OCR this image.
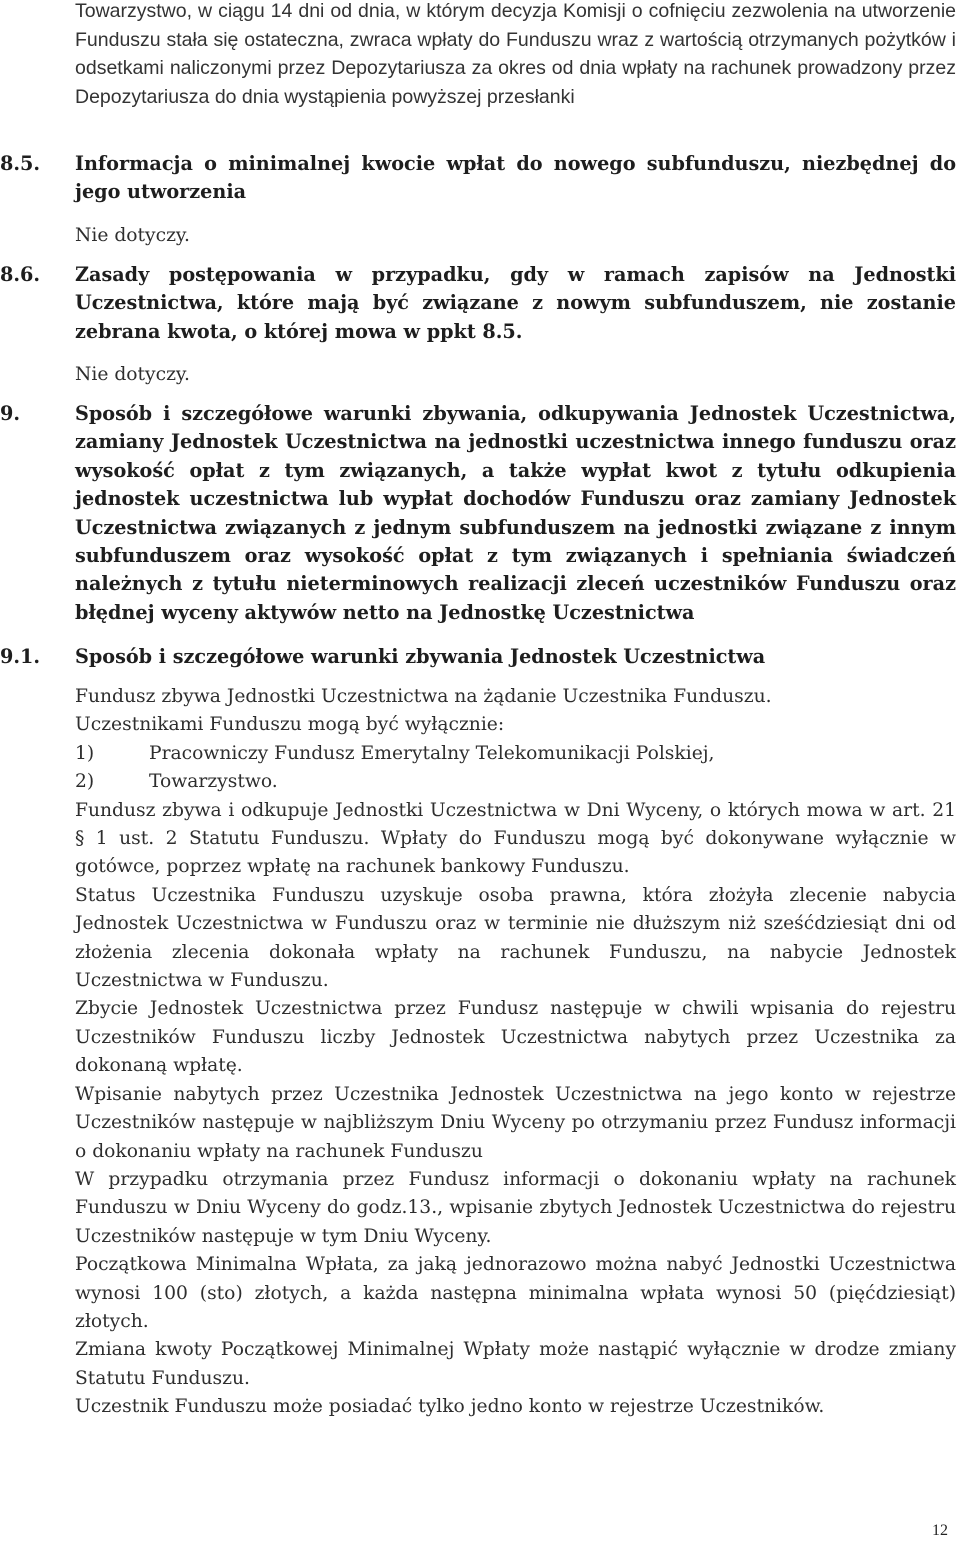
Towarzystwo, w ciągu 14 dni od dnia, w którym decyzja Komisji o cofnięciu zezwolenia na utworzenie Funduszu stała się ostateczna, zwraca wpłaty do Funduszu wraz z wartością otrzymanych pożytków i odsetkami naliczonymi przez Depozytariusza za okres od dnia wpłaty na rachunek prowadzony przez Depozytariusza do dnia wystąpienia powyższej przesłanki

8.5.	Informacja o minimalnej kwocie wpłat do nowego subfunduszu, niezbędnej do jego utworzenia

Nie dotyczy.

8.6.	Zasady postępowania w przypadku, gdy w ramach zapisów na Jednostki Uczestnictwa, które mają być związane z nowym subfunduszem, nie zostanie zebrana kwota, o której mowa w ppkt 8.5.

Nie dotyczy.

9.	Sposób i szczegółowe warunki zbywania, odkupywania Jednostek Uczestnictwa, zamiany Jednostek Uczestnictwa na jednostki uczestnictwa innego funduszu oraz wysokość opłat z tym związanych, a także wypłat kwot z tytułu odkupienia jednostek uczestnictwa lub wypłat dochodów Funduszu oraz zamiany Jednostek Uczestnictwa związanych z jednym subfunduszem na jednostki związane z innym subfunduszem oraz wysokość opłat z tym związanych i spełniania świadczeń należnych z tytułu nieterminowych realizacji zleceń uczestników Funduszu oraz błędnej wyceny aktywów netto na Jednostkę Uczestnictwa
9.1.	Sposób i szczegółowe warunki zbywania Jednostek Uczestnictwa

Fundusz zbywa Jednostki Uczestnictwa na żądanie Uczestnika Funduszu.

Uczestnikami Funduszu mogą być wyłącznie:

1)	Pracowniczy Fundusz Emerytalny Telekomunikacji Polskiej,
2)	Towarzystwo.

Fundusz zbywa i odkupuje Jednostki Uczestnictwa w Dni Wyceny, o których mowa w art. 21 § 1 ust. 2 Statutu Funduszu. Wpłaty do Funduszu mogą być dokonywane wyłącznie w gotówce, poprzez wpłatę na rachunek bankowy Funduszu.

Status Uczestnika Funduszu uzyskuje osoba prawna, która złożyła zlecenie nabycia Jednostek Uczestnictwa w Funduszu oraz w terminie nie dłuższym niż sześćdziesiąt dni od złożenia zlecenia dokonała wpłaty na rachunek Funduszu, na nabycie Jednostek Uczestnictwa w Funduszu.

Zbycie Jednostek Uczestnictwa przez Fundusz następuje w chwili wpisania do rejestru Uczestników Funduszu liczby Jednostek Uczestnictwa nabytych przez Uczestnika za dokonaną wpłatę.

Wpisanie nabytych przez Uczestnika Jednostek Uczestnictwa na jego konto w rejestrze Uczestników następuje w najbliższym Dniu Wyceny po otrzymaniu przez Fundusz informacji o dokonaniu wpłaty na rachunek Funduszu

W przypadku otrzymania przez Fundusz informacji o dokonaniu wpłaty na rachunek Funduszu w Dniu Wyceny do godz.13., wpisanie zbytych Jednostek Uczestnictwa do rejestru Uczestników następuje w tym Dniu Wyceny.

Początkowa Minimalna Wpłata, za jaką jednorazowo można nabyć Jednostki Uczestnictwa wynosi 100 (sto) złotych, a każda następna minimalna wpłata wynosi 50 (pięćdziesiąt) złotych.

Zmiana kwoty Początkowej Minimalnej Wpłaty może nastąpić wyłącznie w drodze zmiany Statutu Funduszu.

Uczestnik Funduszu może posiadać tylko jedno konto w rejestrze Uczestników.

12
